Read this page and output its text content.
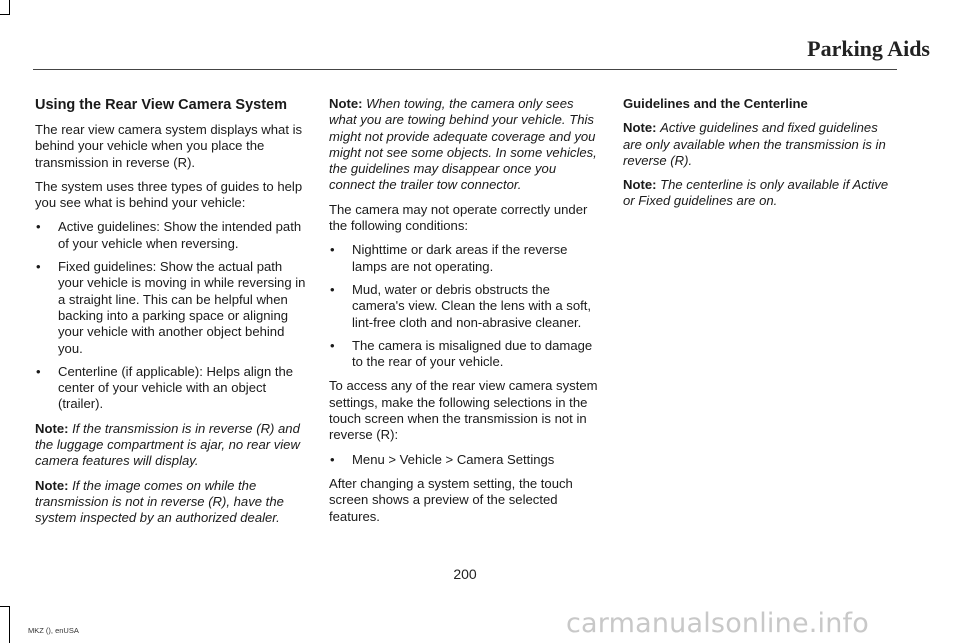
Parking Aids
Using the Rear View Camera System

The rear view camera system displays what is behind your vehicle when you place the transmission in reverse (R).

The system uses three types of guides to help you see what is behind your vehicle:

• Active guidelines: Show the intended path of your vehicle when reversing.
• Fixed guidelines: Show the actual path your vehicle is moving in while reversing in a straight line. This can be helpful when backing into a parking space or aligning your vehicle with another object behind you.
• Centerline (if applicable): Helps align the center of your vehicle with an object (trailer).

Note: If the transmission is in reverse (R) and the luggage compartment is ajar, no rear view camera features will display.

Note: If the image comes on while the transmission is not in reverse (R), have the system inspected by an authorized dealer.

Note: When towing, the camera only sees what you are towing behind your vehicle. This might not provide adequate coverage and you might not see some objects. In some vehicles, the guidelines may disappear once you connect the trailer tow connector.

The camera may not operate correctly under the following conditions:

• Nighttime or dark areas if the reverse lamps are not operating.
• Mud, water or debris obstructs the camera's view. Clean the lens with a soft, lint-free cloth and non-abrasive cleaner.
• The camera is misaligned due to damage to the rear of your vehicle.

To access any of the rear view camera system settings, make the following selections in the touch screen when the transmission is not in reverse (R):

• Menu > Vehicle > Camera Settings

After changing a system setting, the touch screen shows a preview of the selected features.

Guidelines and the Centerline

Note: Active guidelines and fixed guidelines are only available when the transmission is in reverse (R).

Note: The centerline is only available if Active or Fixed guidelines are on.

200
MKZ (), enUSA	carmanualsonline.info
